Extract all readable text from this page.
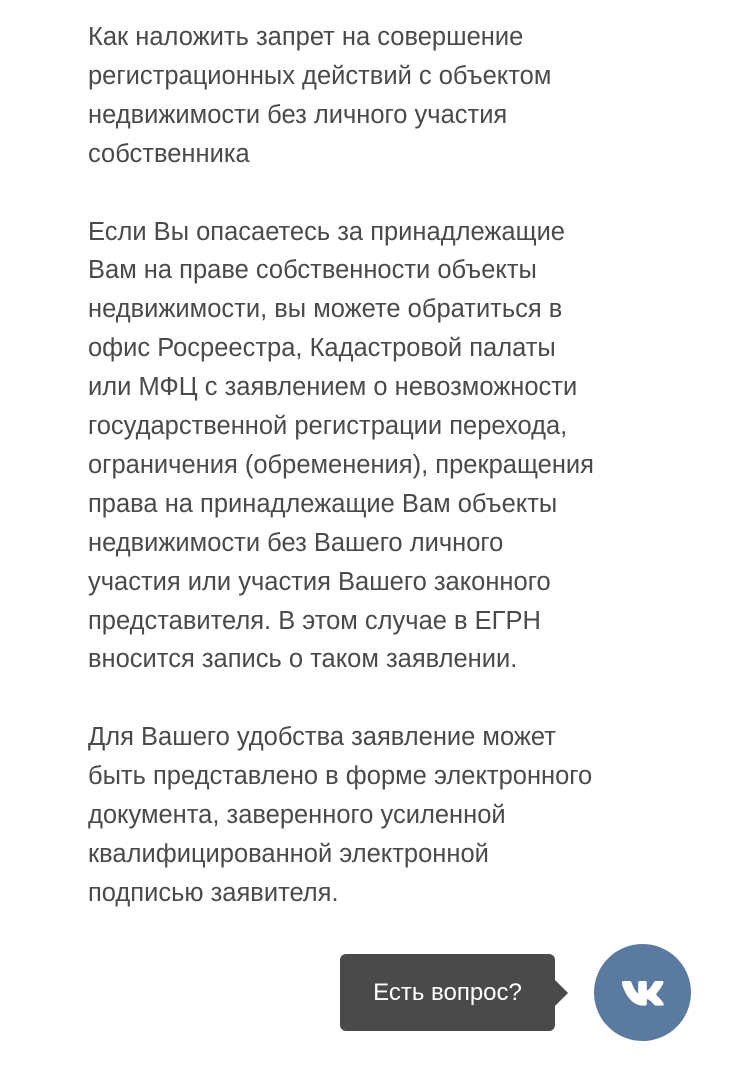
Как наложить запрет на совершение
регистрационных действий с объектом
недвижимости без личного участия
собственника

Если Вы опасаетесь за принадлежащие
Вам на праве собственности объекты
недвижимости, вы можете обратиться в
офис Росреестра, Кадастровой палаты
или МФЦ с заявлением о невозможности
государственной регистрации перехода,
ограничения (обременения), прекращения
права на принадлежащие Вам объекты
недвижимости без Вашего личного
участия или участия Вашего законного
представителя. В этом случае в ЕГРН
вносится запись о таком заявлении.

Для Вашего удобства заявление может
быть представлено в форме электронного
документа, заверенного усиленной
квалифицированной электронной
подписью заявителя.

Есть вопрос?
